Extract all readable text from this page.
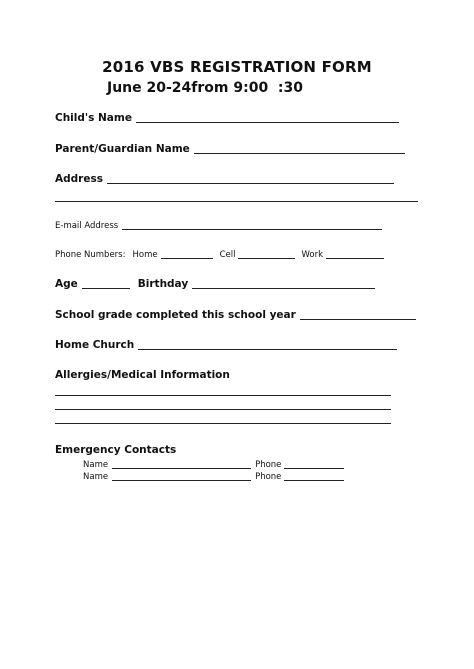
2016 VBS REGISTRATION FORM
June 20-24from 9:00  :30
Child's Name
Parent/Guardian Name
Address
E-mail Address
Phone Numbers: Home	Cell	Work
Age	Birthday
School grade completed this school year
Home Church
Allergies/Medical Information
Emergency Contacts
Name	Phone
Name	Phone
